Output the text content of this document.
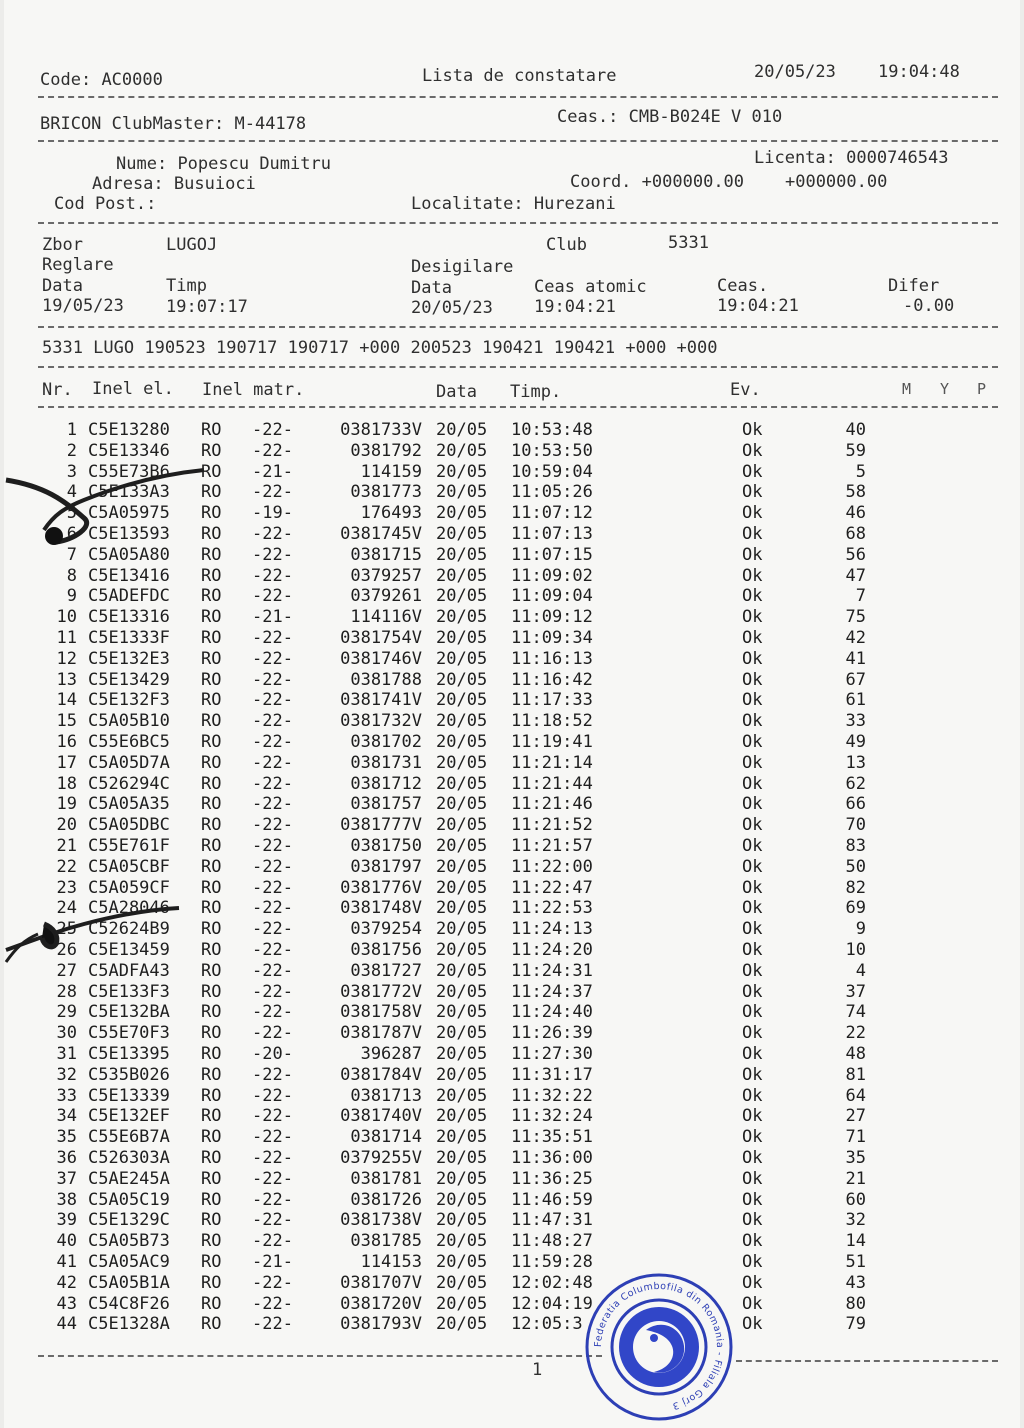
Code: AC0000	Lista de constatare	20/05/23 19:04:48
BRICON ClubMaster: M-44178	Ceas.: CMB-B024E V 010
Nume: Popescu Dumitru	Licenta: 0000746543
Adresa: Busuioci	Coord. +000000.00 +000000.00
Cod Post.:	Localitate: Hurezani
Zbor	LUGOJ	Club	5331
Reglare	Desigilare
Data	Timp	Data	Ceas atomic	Ceas.	Difer
19/05/23 19:07:17	20/05/23 19:04:21	19:04:21	-0.00
5331 LUGO 190523 190717 190717 +000 200523 190421 190421 +000 +000
Nr. Inel el. Inel matr.	Data Timp.	Ev.	M Y P
1 C5E13280 RO -22-	0381733V 20/05 10:53:48	Ok	40
2 C5E13346 RO -22-	0381792 20/05 10:53:50	Ok	59
3 C55E73B6 RO -21-	114159 20/05 10:59:04	Ok	5
4 C5E133A3 RO -22-	0381773 20/05 11:05:26	Ok	58
5 C5A05975 RO -19-	176493 20/05 11:07:12	Ok	46
6 C5E13593 RO -22-	0381745V 20/05 11:07:13	Ok	68
7 C5A05A80 RO -22-	0381715 20/05 11:07:15	Ok	56
8 C5E13416 RO -22-	0379257 20/05 11:09:02	Ok	47
9 C5ADEFDC RO -22-	0379261 20/05 11:09:04	Ok	7
10 C5E13316 RO -21-	114116V 20/05 11:09:12	Ok	75
11 C5E1333F RO -22-	0381754V 20/05 11:09:34	Ok	42
12 C5E132E3 RO -22-	0381746V 20/05 11:16:13	Ok	41
13 C5E13429 RO -22-	0381788 20/05 11:16:42	Ok	67
14 C5E132F3 RO -22-	0381741V 20/05 11:17:33	Ok	61
15 C5A05B10 RO -22-	0381732V 20/05 11:18:52	Ok	33
16 C55E6BC5 RO -22-	0381702 20/05 11:19:41	Ok	49
17 C5A05D7A RO -22-	0381731 20/05 11:21:14	Ok	13
18 C526294C RO -22-	0381712 20/05 11:21:44	Ok	62
19 C5A05A35 RO -22-	0381757 20/05 11:21:46	Ok	66
20 C5A05DBC RO -22-	0381777V 20/05 11:21:52	Ok	70
21 C55E761F RO -22-	0381750 20/05 11:21:57	Ok	83
22 C5A05CBF RO -22-	0381797 20/05 11:22:00	Ok	50
23 C5A059CF RO -22-	0381776V 20/05 11:22:47	Ok	82
24 C5A28046 RO -22-	0381748V 20/05 11:22:53	Ok	69
25 C52624B9 RO -22-	0379254 20/05 11:24:13	Ok	9
26 C5E13459 RO -22-	0381756 20/05 11:24:20	Ok	10
27 C5ADFA43 RO -22-	0381727 20/05 11:24:31	Ok	4
28 C5E133F3 RO -22-	0381772V 20/05 11:24:37	Ok	37
29 C5E132BA RO -22-	0381758V 20/05 11:24:40	Ok	74
30 C55E70F3 RO -22-	0381787V 20/05 11:26:39	Ok	22
31 C5E13395 RO -20-	396287 20/05 11:27:30	Ok	48
32 C535B026 RO -22-	0381784V 20/05 11:31:17	Ok	81
33 C5E13339 RO -22-	0381713 20/05 11:32:22	Ok	64
34 C5E132EF RO -22-	0381740V 20/05 11:32:24	Ok	27
35 C55E6B7A RO -22-	0381714 20/05 11:35:51	Ok	71
36 C526303A RO -22-	0379255V 20/05 11:36:00	Ok	35
37 C5AE245A RO -22-	0381781 20/05 11:36:25	Ok	21
38 C5A05C19 RO -22-	0381726 20/05 11:46:59	Ok	60
39 C5E1329C RO -22-	0381738V 20/05 11:47:31	Ok	32
40 C5A05B73 RO -22-	0381785 20/05 11:48:27	Ok	14
41 C5A05AC9 RO -21-	114153 20/05 11:59:28	Ok	51
42 C5A05B1A RO -22-	0381707V 20/05 12:02:48	Ok	43
43 C54C8F26 RO -22-	0381720V 20/05 12:04:19	Ok	80
44 C5E1328A RO -22-	0381793V 20/05 12:05:3	Ok	79
1
Federatia Columbofila din Romania - Filiala Gorj 3
